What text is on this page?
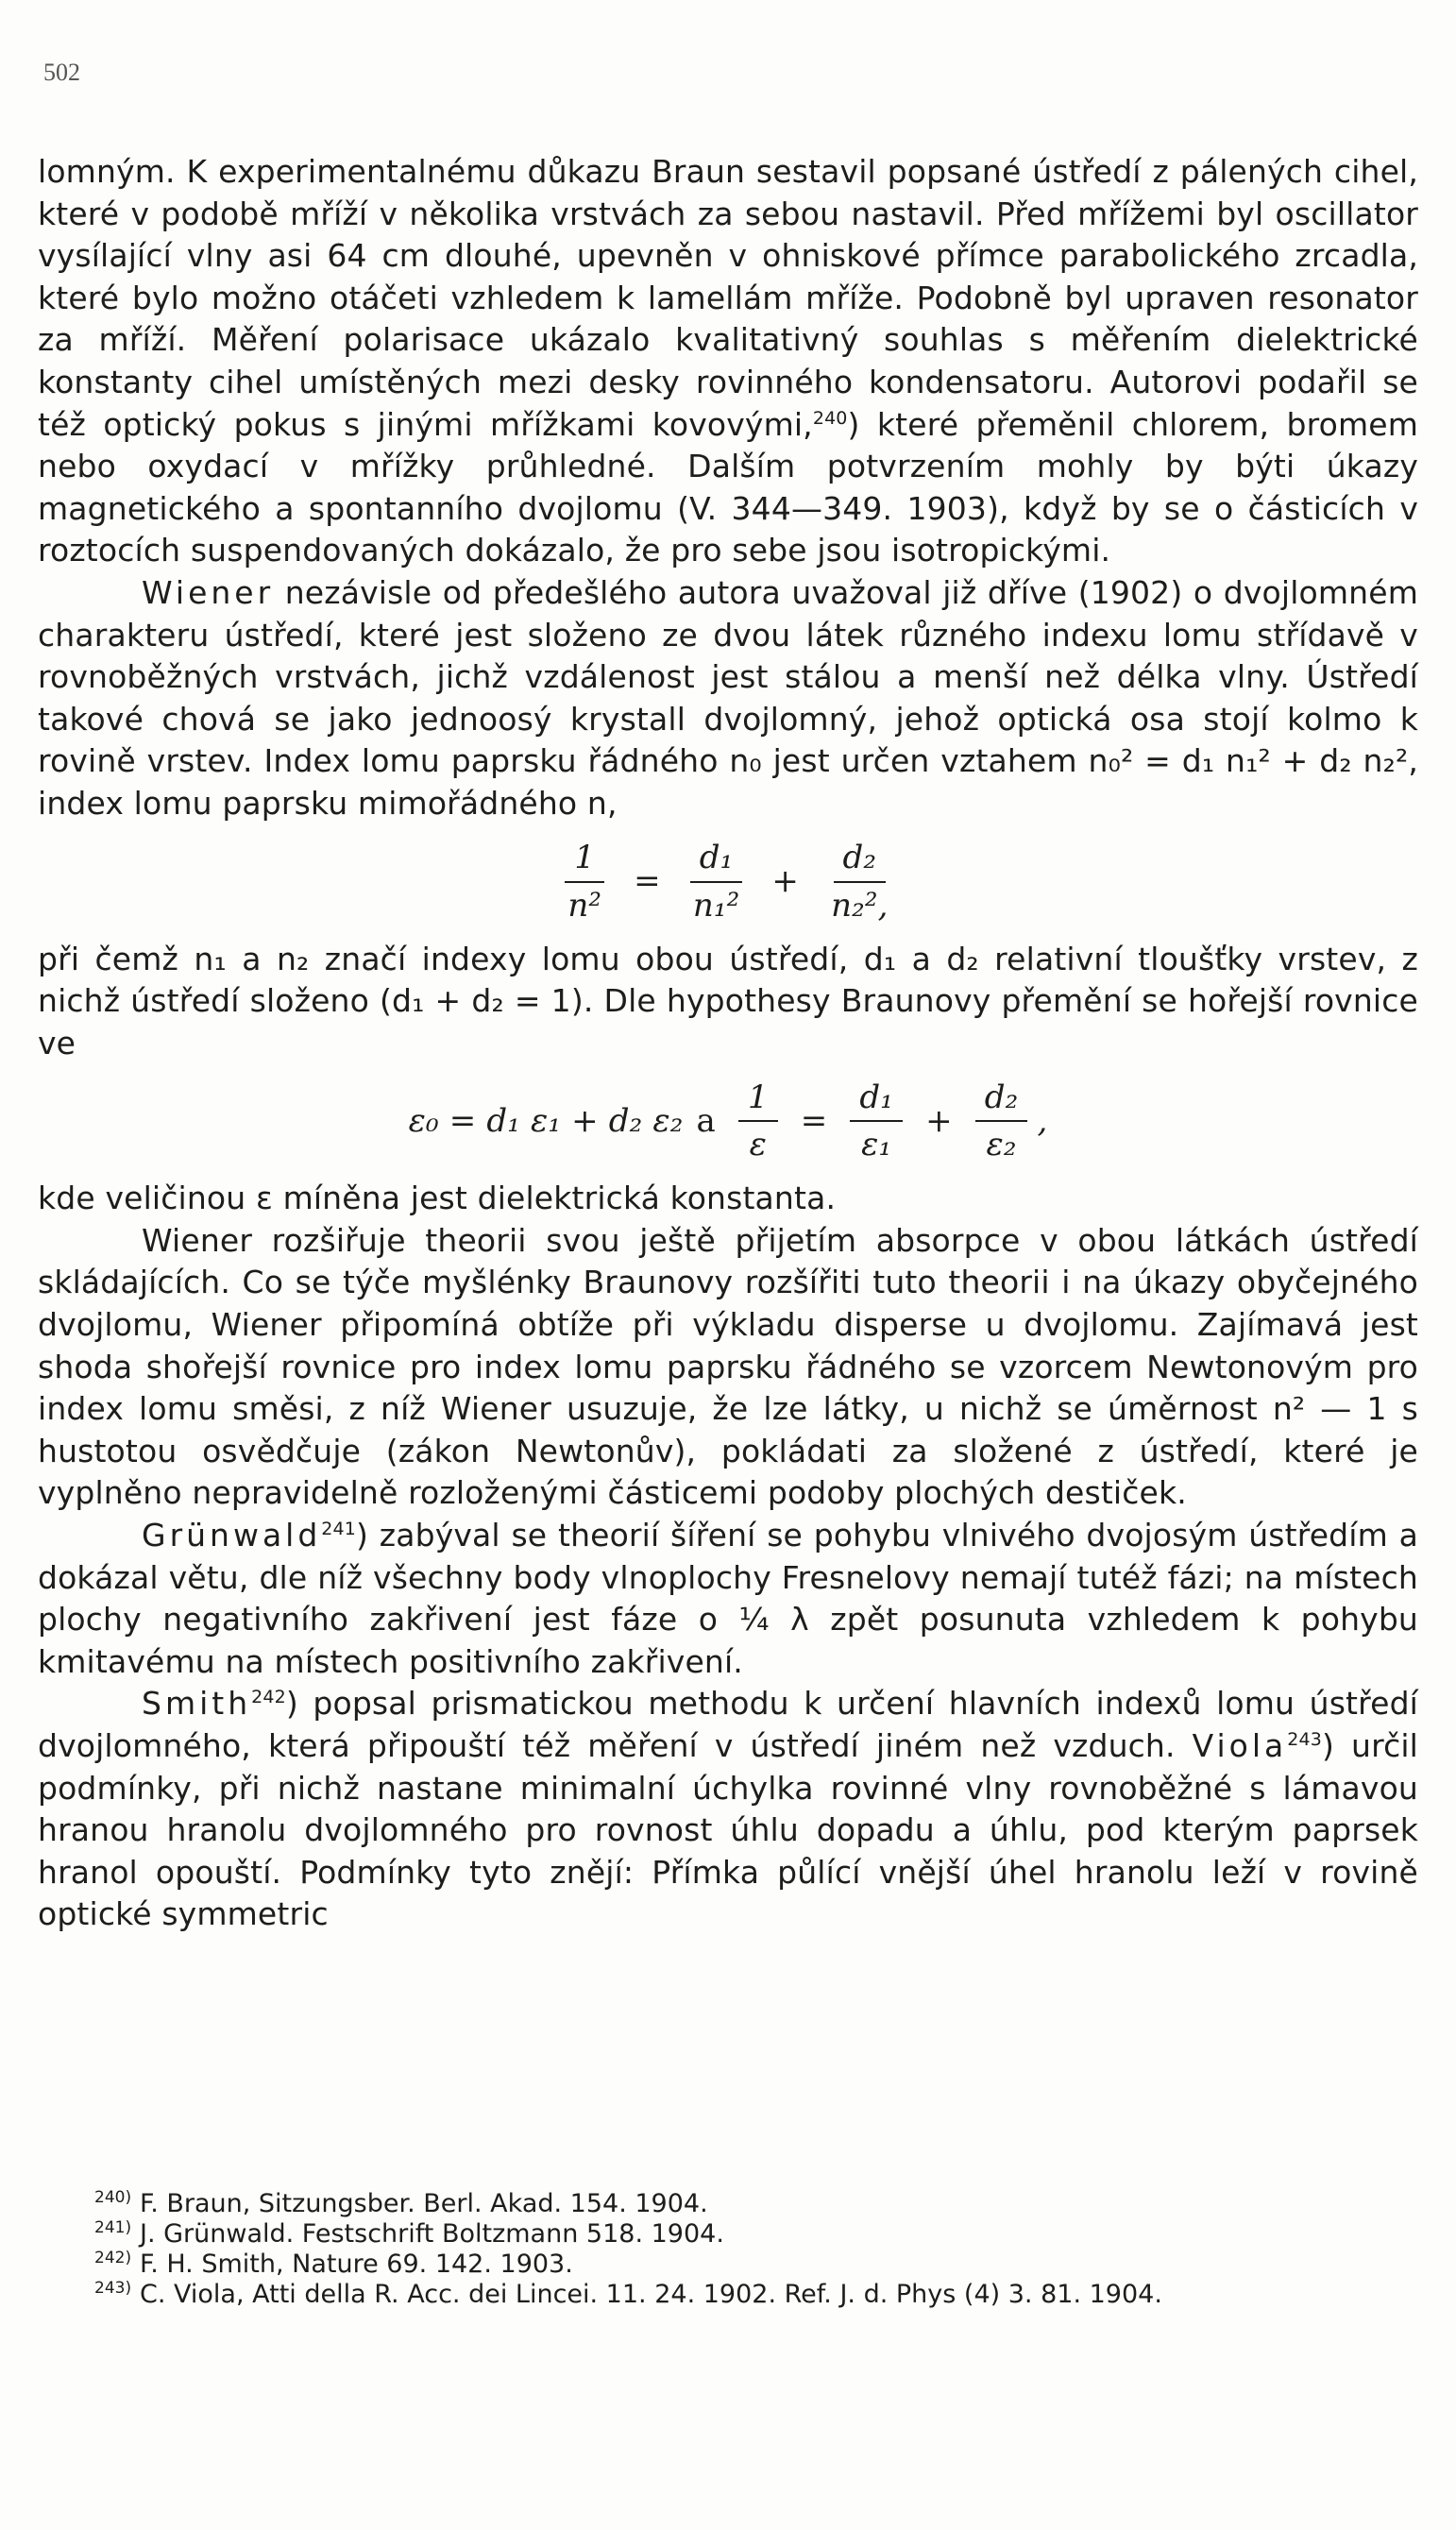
502

lomným. K experimentalnému důkazu Braun sestavil popsané ústředí z pálených cihel, které v podobě mříží v několika vrstvách za sebou nastavil. Před mřížemi byl oscillator vysílající vlny asi 64 cm dlouhé, upevněn v ohniskové přímce parabolického zrcadla, které bylo možno otáčeti vzhledem k lamellám mříže. Podobně byl upraven resonator za mříží. Měření polarisace ukázalo kvalitativný souhlas s měřením dielektrické konstanty cihel umístěných mezi desky rovinného kondensatoru. Autorovi podařil se též optický pokus s jinými mřížkami kovovými,$^{240}$) které přeměnil chlorem, bromem nebo oxydací v mřížky průhledné. Dalším potvrzením mohly by býti úkazy magnetického a spontanního dvojlomu (V. 344—349. 1903), když by se o částicích v roztocích suspendovaných dokázalo, že pro sebe jsou isotropickými.

Wiener nezávisle od předešlého autora uvažoval již dříve (1902) o dvojlomném charakteru ústředí, které jest složeno ze dvou látek různého indexu lomu střídavě v rovnoběžných vrstvách, jichž vzdálenost jest stálou a menší než délka vlny. Ústředí takové chová se jako jednoosý krystall dvojlomný, jehož optická osa stojí kolmo k rovině vrstev. Index lomu paprsku řádného n₀ jest určen vztahem n₀² = d₁ n₁² + d₂ n₂², index lomu paprsku mimořádného n,

$\frac{1}{\text{n²}} = \frac{\text{d₁}}{\text{n₁²}} + \frac{\text{d₂}}{\text{n₂²,}}$

při čemž n₁ a n₂ značí indexy lomu obou ústředí, d₁ a d₂ relativní tloušťky vrstev, z nichž ústředí složeno (d₁ + d₂ = 1). Dle hypothesy Braunovy přemění se hořejší rovnice ve

ε₀ = d₁ ε₁ + d₂ ε₂ a $\frac{1}{\varepsilon} = \frac{\text{d₁}}{\text{ε₁}} + \frac{\text{d₂}}{\text{ε₂}}$ ,

kde veličinou ε míněna jest dielektrická konstanta.

Wiener rozšiřuje theorii svou ještě přijetím absorpce v obou látkách ústředí skládajících. Co se týče myšlénky Braunovy rozšířiti tuto theorii i na úkazy obyčejného dvojlomu, Wiener připomíná obtíže při výkladu disperse u dvojlomu. Zajímavá jest shoda shořejší rovnice pro index lomu paprsku řádného se vzorcem Newtonovým pro index lomu směsi, z níž Wiener usuzuje, že lze látky, u nichž se úměrnost n² — 1 s hustotou osvědčuje (zákon Newtonův), pokládati za složené z ústředí, které je vyplněno nepravidelně rozloženými částicemi podoby plochých destiček.

Grünwald$^{241}$) zabýval se theorií šíření se pohybu vlnivého dvojosým ústředím a dokázal větu, dle níž všechny body vlnoplochy Fresnelovy nemají tutéž fázi; na místech plochy negativního zakřivení jest fáze o ¼ λ zpět posunuta vzhledem k pohybu kmitavému na místech positivního zakřivení.

Smith$^{242}$) popsal prismatickou methodu k určení hlavních indexů lomu ústředí dvojlomného, která připouští též měření v ústředí jiném než vzduch. Viola$^{243}$) určil podmínky, při nichž nastane minimalní úchylka rovinné vlny rovnoběžné s lámavou hranou hranolu dvojlomného pro rovnost úhlu dopadu a úhlu, pod kterým paprsek hranol opouští. Podmínky tyto znějí: Přímka půlící vnější úhel hranolu leží v rovině optické symmetric

240) F. Braun, Sitzungsber. Berl. Akad. 154. 1904.
241) J. Grünwald. Festschrift Boltzmann 518. 1904.
242) F. H. Smith, Nature 69. 142. 1903.
243) C. Viola, Atti della R. Acc. dei Lincei. 11. 24. 1902. Ref. J. d. Phys (4) 3. 81. 1904.
